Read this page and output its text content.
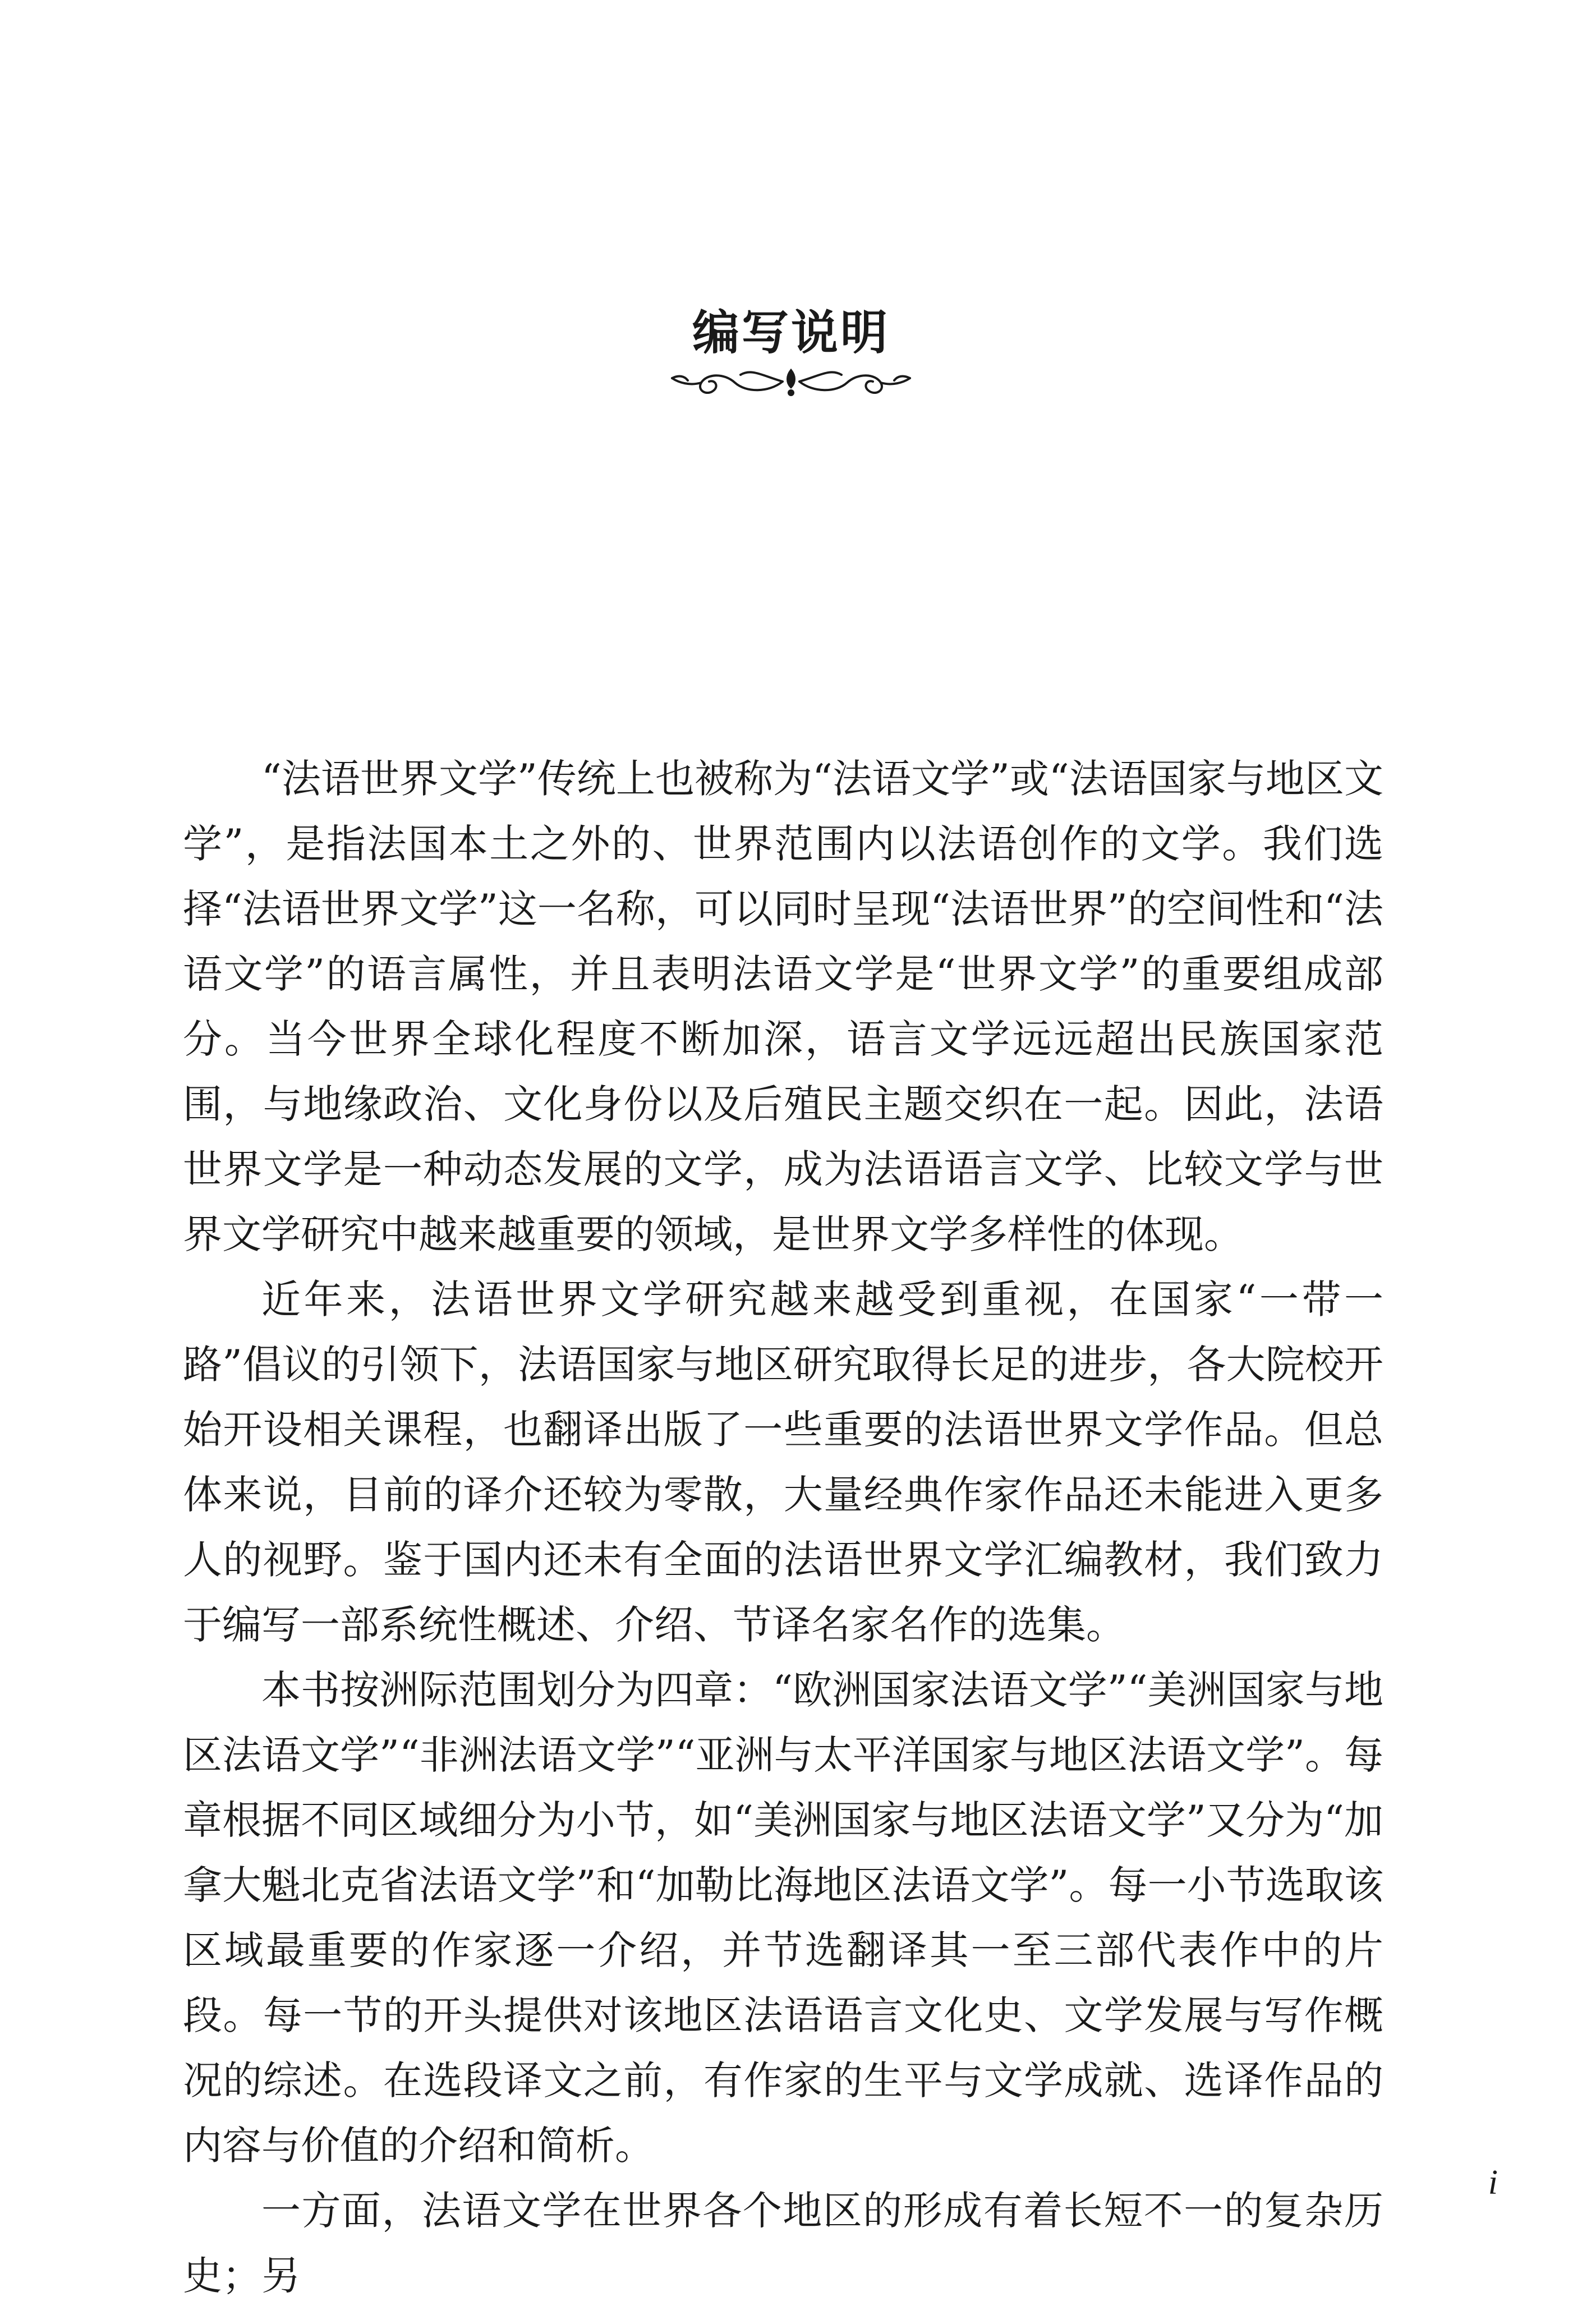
编写说明

“法语世界文学”传统上也被称为“法语文学”或“法语国家与地区文学”，是指法国本土之外的、世界范围内以法语创作的文学。我们选择“法语世界文学”这一名称，可以同时呈现“法语世界”的空间性和“法语文学”的语言属性，并且表明法语文学是“世界文学”的重要组成部分。当今世界全球化程度不断加深，语言文学远远超出民族国家范围，与地缘政治、文化身份以及后殖民主题交织在一起。因此，法语世界文学是一种动态发展的文学，成为法语语言文学、比较文学与世界文学研究中越来越重要的领域，是世界文学多样性的体现。

近年来，法语世界文学研究越来越受到重视，在国家“一带一路”倡议的引领下，法语国家与地区研究取得长足的进步，各大院校开始开设相关课程，也翻译出版了一些重要的法语世界文学作品。但总体来说，目前的译介还较为零散，大量经典作家作品还未能进入更多人的视野。鉴于国内还未有全面的法语世界文学汇编教材，我们致力于编写一部系统性概述、介绍、节译名家名作的选集。

本书按洲际范围划分为四章：“欧洲国家法语文学”“美洲国家与地区法语文学”“非洲法语文学”“亚洲与太平洋国家与地区法语文学”。每章根据不同区域细分为小节，如“美洲国家与地区法语文学”又分为“加拿大魁北克省法语文学”和“加勒比海地区法语文学”。每一小节选取该区域最重要的作家逐一介绍，并节选翻译其一至三部代表作中的片段。每一节的开头提供对该地区法语语言文化史、文学发展与写作概况的综述。在选段译文之前，有作家的生平与文学成就、选译作品的内容与价值的介绍和简析。

一方面，法语文学在世界各个地区的形成有着长短不一的复杂历史；另

i
